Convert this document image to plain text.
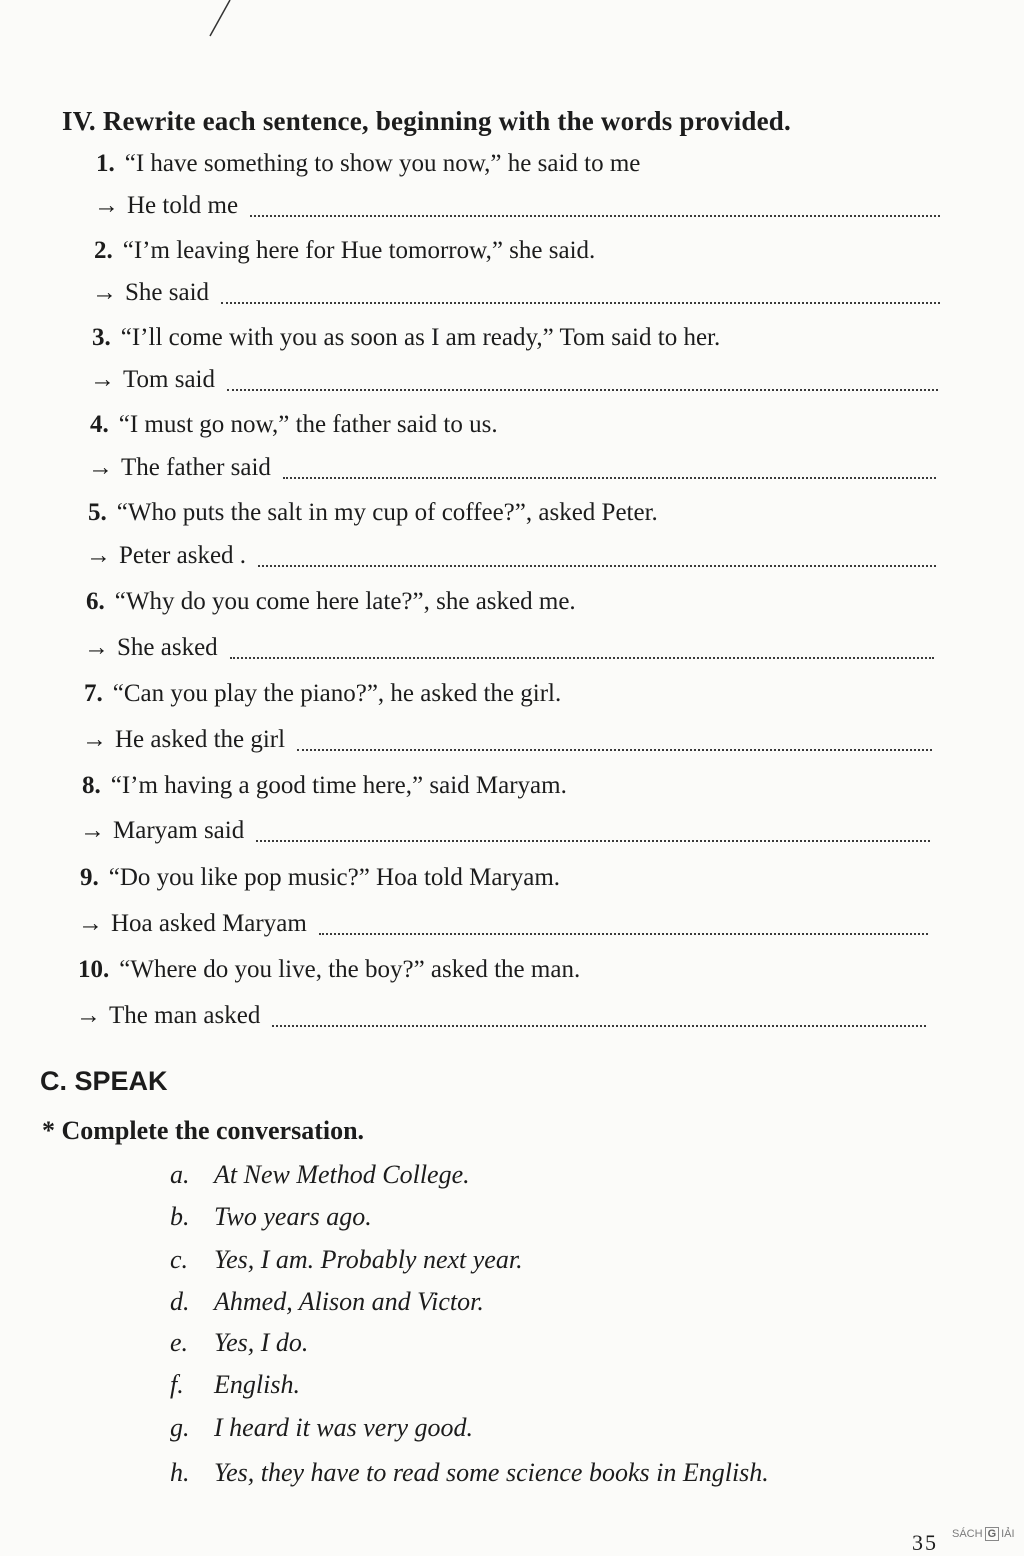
IV. Rewrite each sentence, beginning with the words provided.
1. “I have something to show you now,” he said to me
→ He told me
2. “I’m leaving here for Hue tomorrow,” she said.
→ She said
3. “I’ll come with you as soon as I am ready,” Tom said to her.
→ Tom said
4. “I must go now,” the father said to us.
→ The father said
5. “Who puts the salt in my cup of coffee?”, asked Peter.
→ Peter asked .
6. “Why do you come here late?”, she asked me.
→ She asked
7. “Can you play the piano?”, he asked the girl.
→ He asked the girl
8. “I’m having a good time here,” said Maryam.
→ Maryam said
9. “Do you like pop music?” Hoa told Maryam.
→ Hoa asked Maryam
10. “Where do you live, the boy?” asked the man.
→ The man asked
C. SPEAK
* Complete the conversation.
a. At New Method College.
b. Two years ago.
c. Yes, I am. Probably next year.
d. Ahmed, Alison and Victor.
e. Yes, I do.
f.	English.
g. I heard it was very good.
h. Yes, they have to read some science books in English.
35 SÁCH G IẢI
